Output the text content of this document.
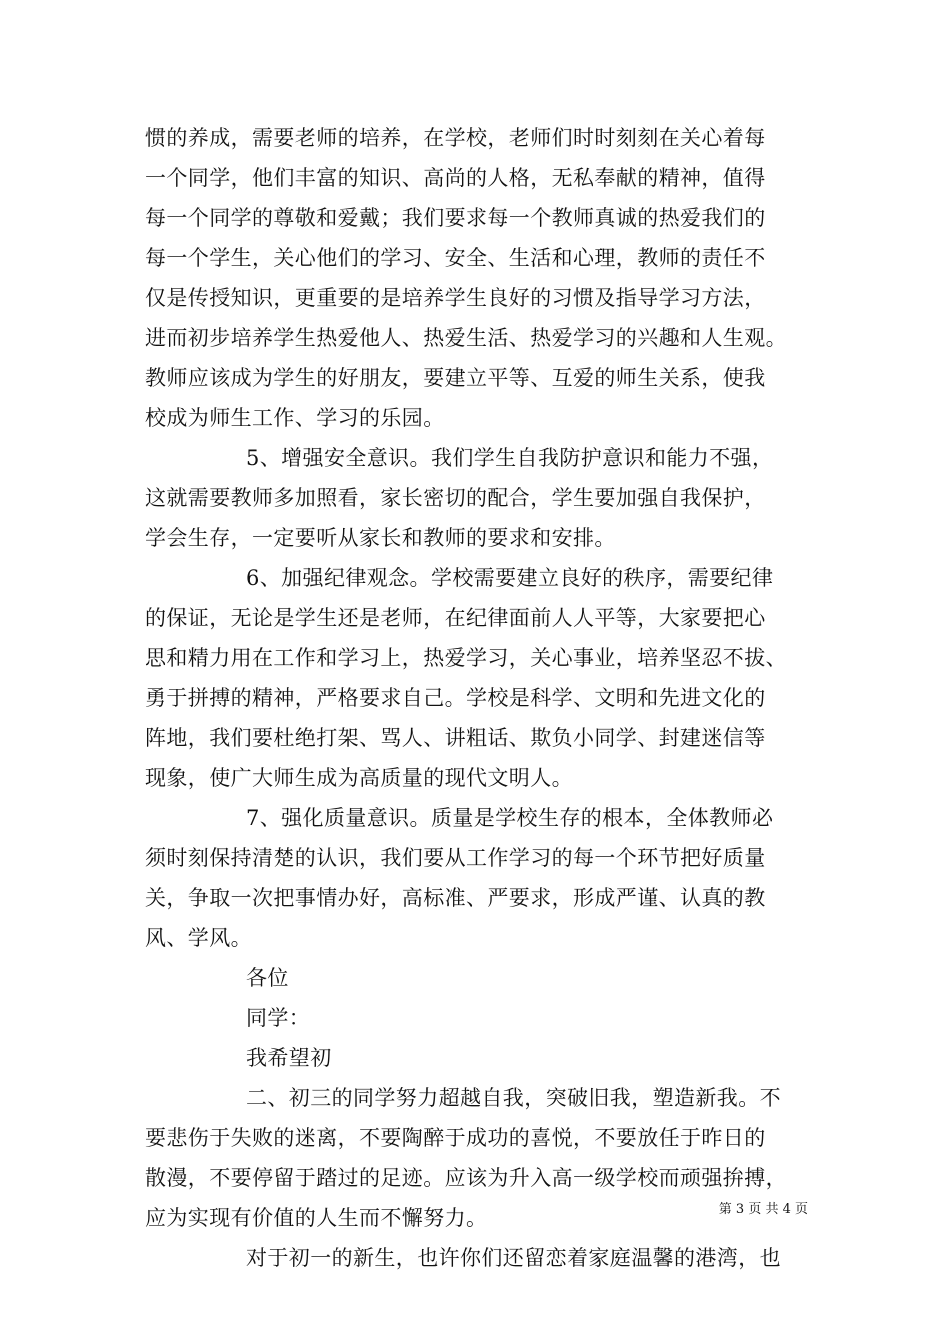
惯的养成，需要老师的培养，在学校，老师们时时刻刻在关心着每
一个同学，他们丰富的知识、高尚的人格，无私奉献的精神，值得
每一个同学的尊敬和爱戴；我们要求每一个教师真诚的热爱我们的
每一个学生，关心他们的学习、安全、生活和心理，教师的责任不
仅是传授知识，更重要的是培养学生良好的习惯及指导学习方法，
进而初步培养学生热爱他人、热爱生活、热爱学习的兴趣和人生观。
教师应该成为学生的好朋友，要建立平等、互爱的师生关系，使我
校成为师生工作、学习的乐园。
5、增强安全意识。我们学生自我防护意识和能力不强，
这就需要教师多加照看，家长密切的配合，学生要加强自我保护，
学会生存，一定要听从家长和教师的要求和安排。
6、加强纪律观念。学校需要建立良好的秩序，需要纪律
的保证，无论是学生还是老师，在纪律面前人人平等，大家要把心
思和精力用在工作和学习上，热爱学习，关心事业，培养坚忍不拔、
勇于拼搏的精神，严格要求自己。学校是科学、文明和先进文化的
阵地，我们要杜绝打架、骂人、讲粗话、欺负小同学、封建迷信等
现象，使广大师生成为高质量的现代文明人。
7、强化质量意识。质量是学校生存的根本，全体教师必
须时刻保持清楚的认识，我们要从工作学习的每一个环节把好质量
关，争取一次把事情办好，高标准、严要求，形成严谨、认真的教
风、学风。
各位
同学：
我希望初
二、初三的同学努力超越自我，突破旧我，塑造新我。不
要悲伤于失败的迷离，不要陶醉于成功的喜悦，不要放任于昨日的
散漫，不要停留于踏过的足迹。应该为升入高一级学校而顽强拚搏，
应为实现有价值的人生而不懈努力。
对于初一的新生，也许你们还留恋着家庭温馨的港湾，也
第 3 页 共 4 页
